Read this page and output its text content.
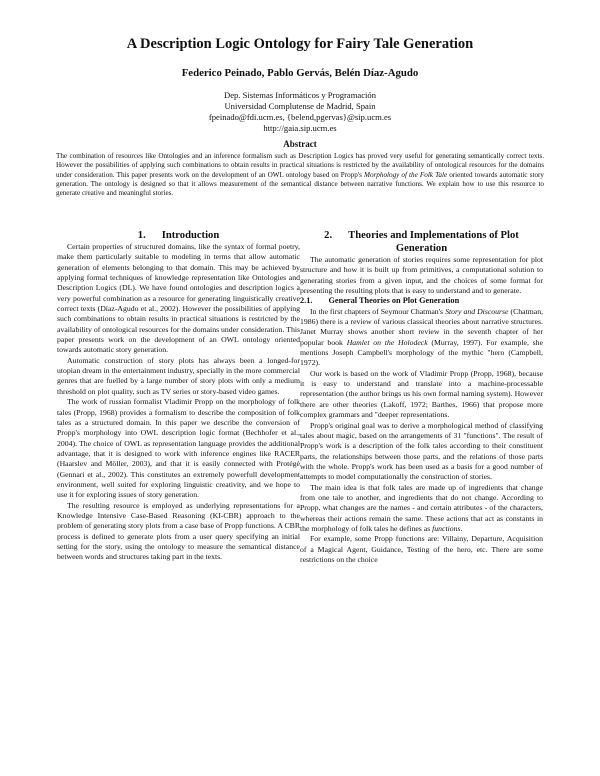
A Description Logic Ontology for Fairy Tale Generation
Federico Peinado, Pablo Gervás, Belén Díaz-Agudo
Dep. Sistemas Informáticos y Programación
Universidad Complutense de Madrid, Spain
fpeinado@fdi.ucm.es, {belend,pgervas}@sip.ucm.es
http://gaia.sip.ucm.es
Abstract
The combination of resources like Ontologies and an inference formalism such as Description Logics has proved very useful for generating semantically correct texts. However the possibilities of applying such combinations to obtain results in practical situations is restricted by the availability of ontological resources for the domains under consideration. This paper presents work on the development of an OWL ontology based on Propp's Morphology of the Folk Tale oriented towards automatic story generation. The ontology is designed so that it allows measurement of the semantical distance between narrative functions. We explain how to use this resource to generate creative and meaningful stories.

1. Introduction

Certain properties of structured domains, like the syntax of formal poetry, make them particularly suitable to modeling in terms that allow automatic generation of elements belonging to that domain. This may be achieved by applying formal techniques of knowledge representation like Ontologies and Description Logics (DL). We have found ontologies and description logics a very powerful combination as a resource for generating linguistically creative correct texts (Díaz-Agudo et al., 2002). However the possibilities of applying such combinations to obtain results in practical situations is restricted by the availability of ontological resources for the domains under consideration. This paper presents work on the development of an OWL ontology oriented towards automatic story generation.

Automatic construction of story plots has always been a longed-for utopian dream in the entertainment industry, specially in the more commercial genres that are fuelled by a large number of story plots with only a medium threshold on plot quality, such as TV series or story-based video games.

The work of russian formalist Vladimir Propp on the morphology of folk tales (Propp, 1968) provides a formalism to describe the composition of folk tales as a structured domain. In this paper we describe the conversion of Propp's morphology into OWL description logic format (Bechhofer et al., 2004). The choice of OWL as representation language provides the additional advantage, that it is designed to work with inference engines like RACER (Haarslev and Möller, 2003), and that it is easily connected with Protégé (Gennari et al., 2002). This constitutes an extremely powerfull development environment, well suited for exploring linguistic creativity, and we hope to use it for exploring issues of story generation.

The resulting resource is employed as underlying representations for a Knowledge Intensive Case-Based Reasoning (KI-CBR) approach to the problem of generating story plots from a case base of Propp functions. A CBR process is defined to generate plots from a user query specifying an initial setting for the story, using the ontology to measure the semantical distance between words and structures taking part in the texts.

2. Theories and Implementations of Plot Generation

The automatic generation of stories requires some representation for plot structure and how it is built up from primitives, a computational solution to generating stories from a given input, and the choices of some format for presenting the resulting plots that is easy to understand and to generate.

2.1. General Theories on Plot Generation

In the first chapters of Seymour Chatman's Story and Discourse (Chatman, 1986) there is a review of various classical theories about narrative structures. Janet Murray shows another short review in the seventh chapter of her popular book Hamlet on the Holodeck (Murray, 1997). For example, she mentions Joseph Campbell's morphology of the mythic "hero (Campbell, 1972).

Our work is based on the work of Vladimir Propp (Propp, 1968), because it is easy to understand and translate into a machine-processable representation (the author brings us his own formal naming system). However there are other theories (Lakoff, 1972; Barthes, 1966) that propose more complex grammars and "deeper representations.

Propp's original goal was to derive a morphological method of classifying tales about magic, based on the arrangements of 31 "functions". The result of Propp's work is a description of the folk tales according to their constituent parts, the relationships between those parts, and the relations of those parts with the whole. Propp's work has been used as a basis for a good number of attempts to model computationally the construction of stories.

The main idea is that folk tales are made up of ingredients that change from one tale to another, and ingredients that do not change. According to Propp, what changes are the names - and certain attributes - of the characters, whereas their actions remain the same. These actions that act as constants in the morphology of folk tales he defines as functions.

For example, some Propp functions are: Villainy, Departure, Acquisition of a Magical Agent, Guidance, Testing of the hero, etc. There are some restrictions on the choice
